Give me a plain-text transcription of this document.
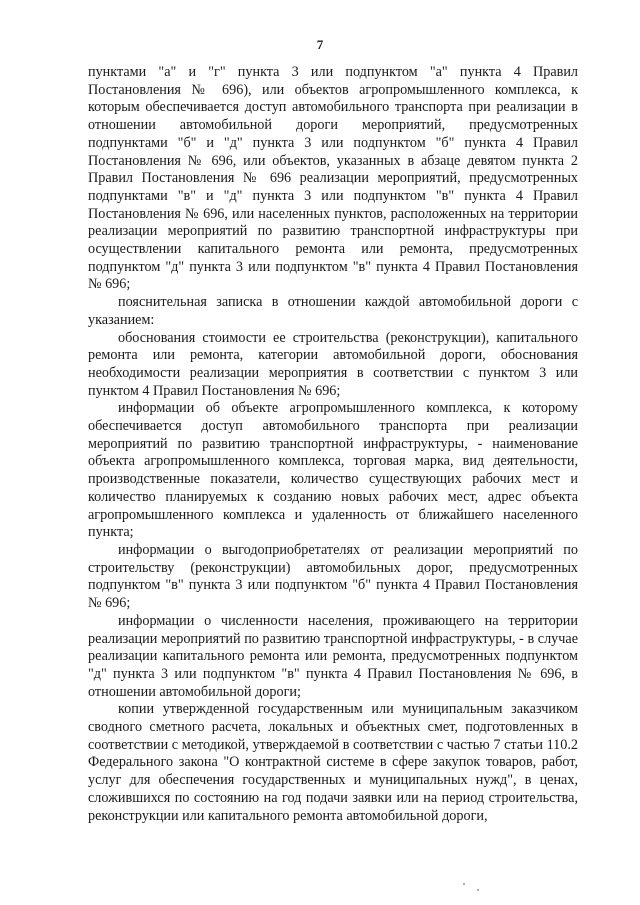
7

пунктами "а" и "г" пункта 3 или подпунктом "а" пункта 4 Правил Постановления № 696), или объектов агропромышленного комплекса, к которым обеспечивается доступ автомобильного транспорта при реализации в отношении автомобильной дороги мероприятий, предусмотренных подпунктами "б" и "д" пункта 3 или подпунктом "б" пункта 4 Правил Постановления № 696, или объектов, указанных в абзаце девятом пункта 2 Правил Постановления № 696 реализации мероприятий, предусмотренных подпунктами "в" и "д" пункта 3 или подпунктом "в" пункта 4 Правил Постановления № 696, или населенных пунктов, расположенных на территории реализации мероприятий по развитию транспортной инфраструктуры при осуществлении капитального ремонта или ремонта, предусмотренных подпунктом "д" пункта 3 или подпунктом "в" пункта 4 Правил Постановления № 696;

пояснительная записка в отношении каждой автомобильной дороги с указанием:

обоснования стоимости ее строительства (реконструкции), капитального ремонта или ремонта, категории автомобильной дороги, обоснования необходимости реализации мероприятия в соответствии с пунктом 3 или пунктом 4 Правил Постановления № 696;

информации об объекте агропромышленного комплекса, к которому обеспечивается доступ автомобильного транспорта при реализации мероприятий по развитию транспортной инфраструктуры, - наименование объекта агропромышленного комплекса, торговая марка, вид деятельности, производственные показатели, количество существующих рабочих мест и количество планируемых к созданию новых рабочих мест, адрес объекта агропромышленного комплекса и удаленность от ближайшего населенного пункта;

информации о выгодоприобретателях от реализации мероприятий по строительству (реконструкции) автомобильных дорог, предусмотренных подпунктом "в" пункта 3 или подпунктом "б" пункта 4 Правил Постановления № 696;

информации о численности населения, проживающего на территории реализации мероприятий по развитию транспортной инфраструктуры, - в случае реализации капитального ремонта или ремонта, предусмотренных подпунктом "д" пункта 3 или подпунктом "в" пункта 4 Правил Постановления № 696, в отношении автомобильной дороги;

копии утвержденной государственным или муниципальным заказчиком сводного сметного расчета, локальных и объектных смет, подготовленных в соответствии с методикой, утверждаемой в соответствии с частью 7 статьи 110.2 Федерального закона "О контрактной системе в сфере закупок товаров, работ, услуг для обеспечения государственных и муниципальных нужд", в ценах, сложившихся по состоянию на год подачи заявки или на период строительства, реконструкции или капитального ремонта автомобильной дороги,
